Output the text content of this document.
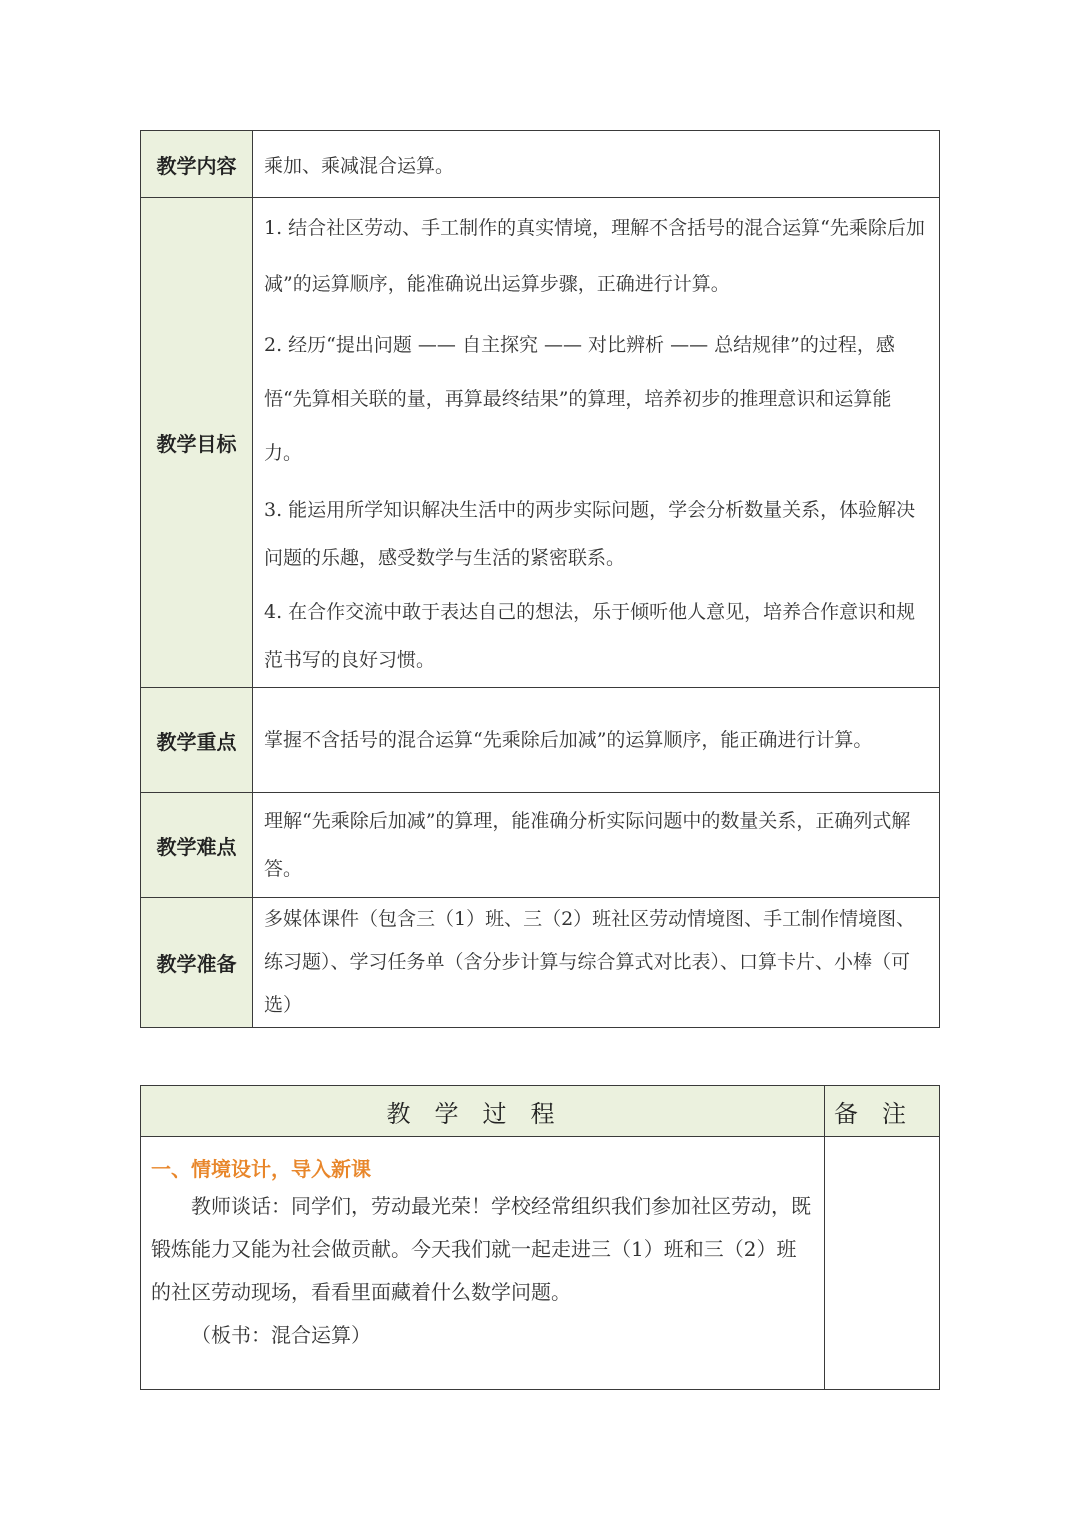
教学内容	乘加、乘减混合运算。
教学目标	1. 结合社区劳动、手工制作的真实情境，理解不含括号的混合运算“先乘除后加减”的运算顺序，能准确说出运算步骤，正确进行计算。

2. 经历“提出问题 —— 自主探究 —— 对比辨析 —— 总结规律”的过程，感悟“先算相关联的量，再算最终结果”的算理，培养初步的推理意识和运算能力。

3. 能运用所学知识解决生活中的两步实际问题，学会分析数量关系，体验解决问题的乐趣，感受数学与生活的紧密联系。

4. 在合作交流中敢于表达自己的想法，乐于倾听他人意见，培养合作意识和规范书写的良好习惯。

教学重点	掌握不含括号的混合运算“先乘除后加减”的运算顺序，能正确进行计算。

教学难点	理解“先乘除后加减”的算理，能准确分析实际问题中的数量关系，正确列式解答。

教学准备	多媒体课件（包含三（1）班、三（2）班社区劳动情境图、手工制作情境图、练习题）、学习任务单（含分步计算与综合算式对比表）、口算卡片、小棒（可选）

教学过程	备注

一、情境设计，导入新课

教师谈话：同学们，劳动最光荣！学校经常组织我们参加社区劳动，既锻炼能力又能为社会做贡献。今天我们就一起走进三（1）班和三（2）班的社区劳动现场，看看里面藏着什么数学问题。

（板书：混合运算）	
